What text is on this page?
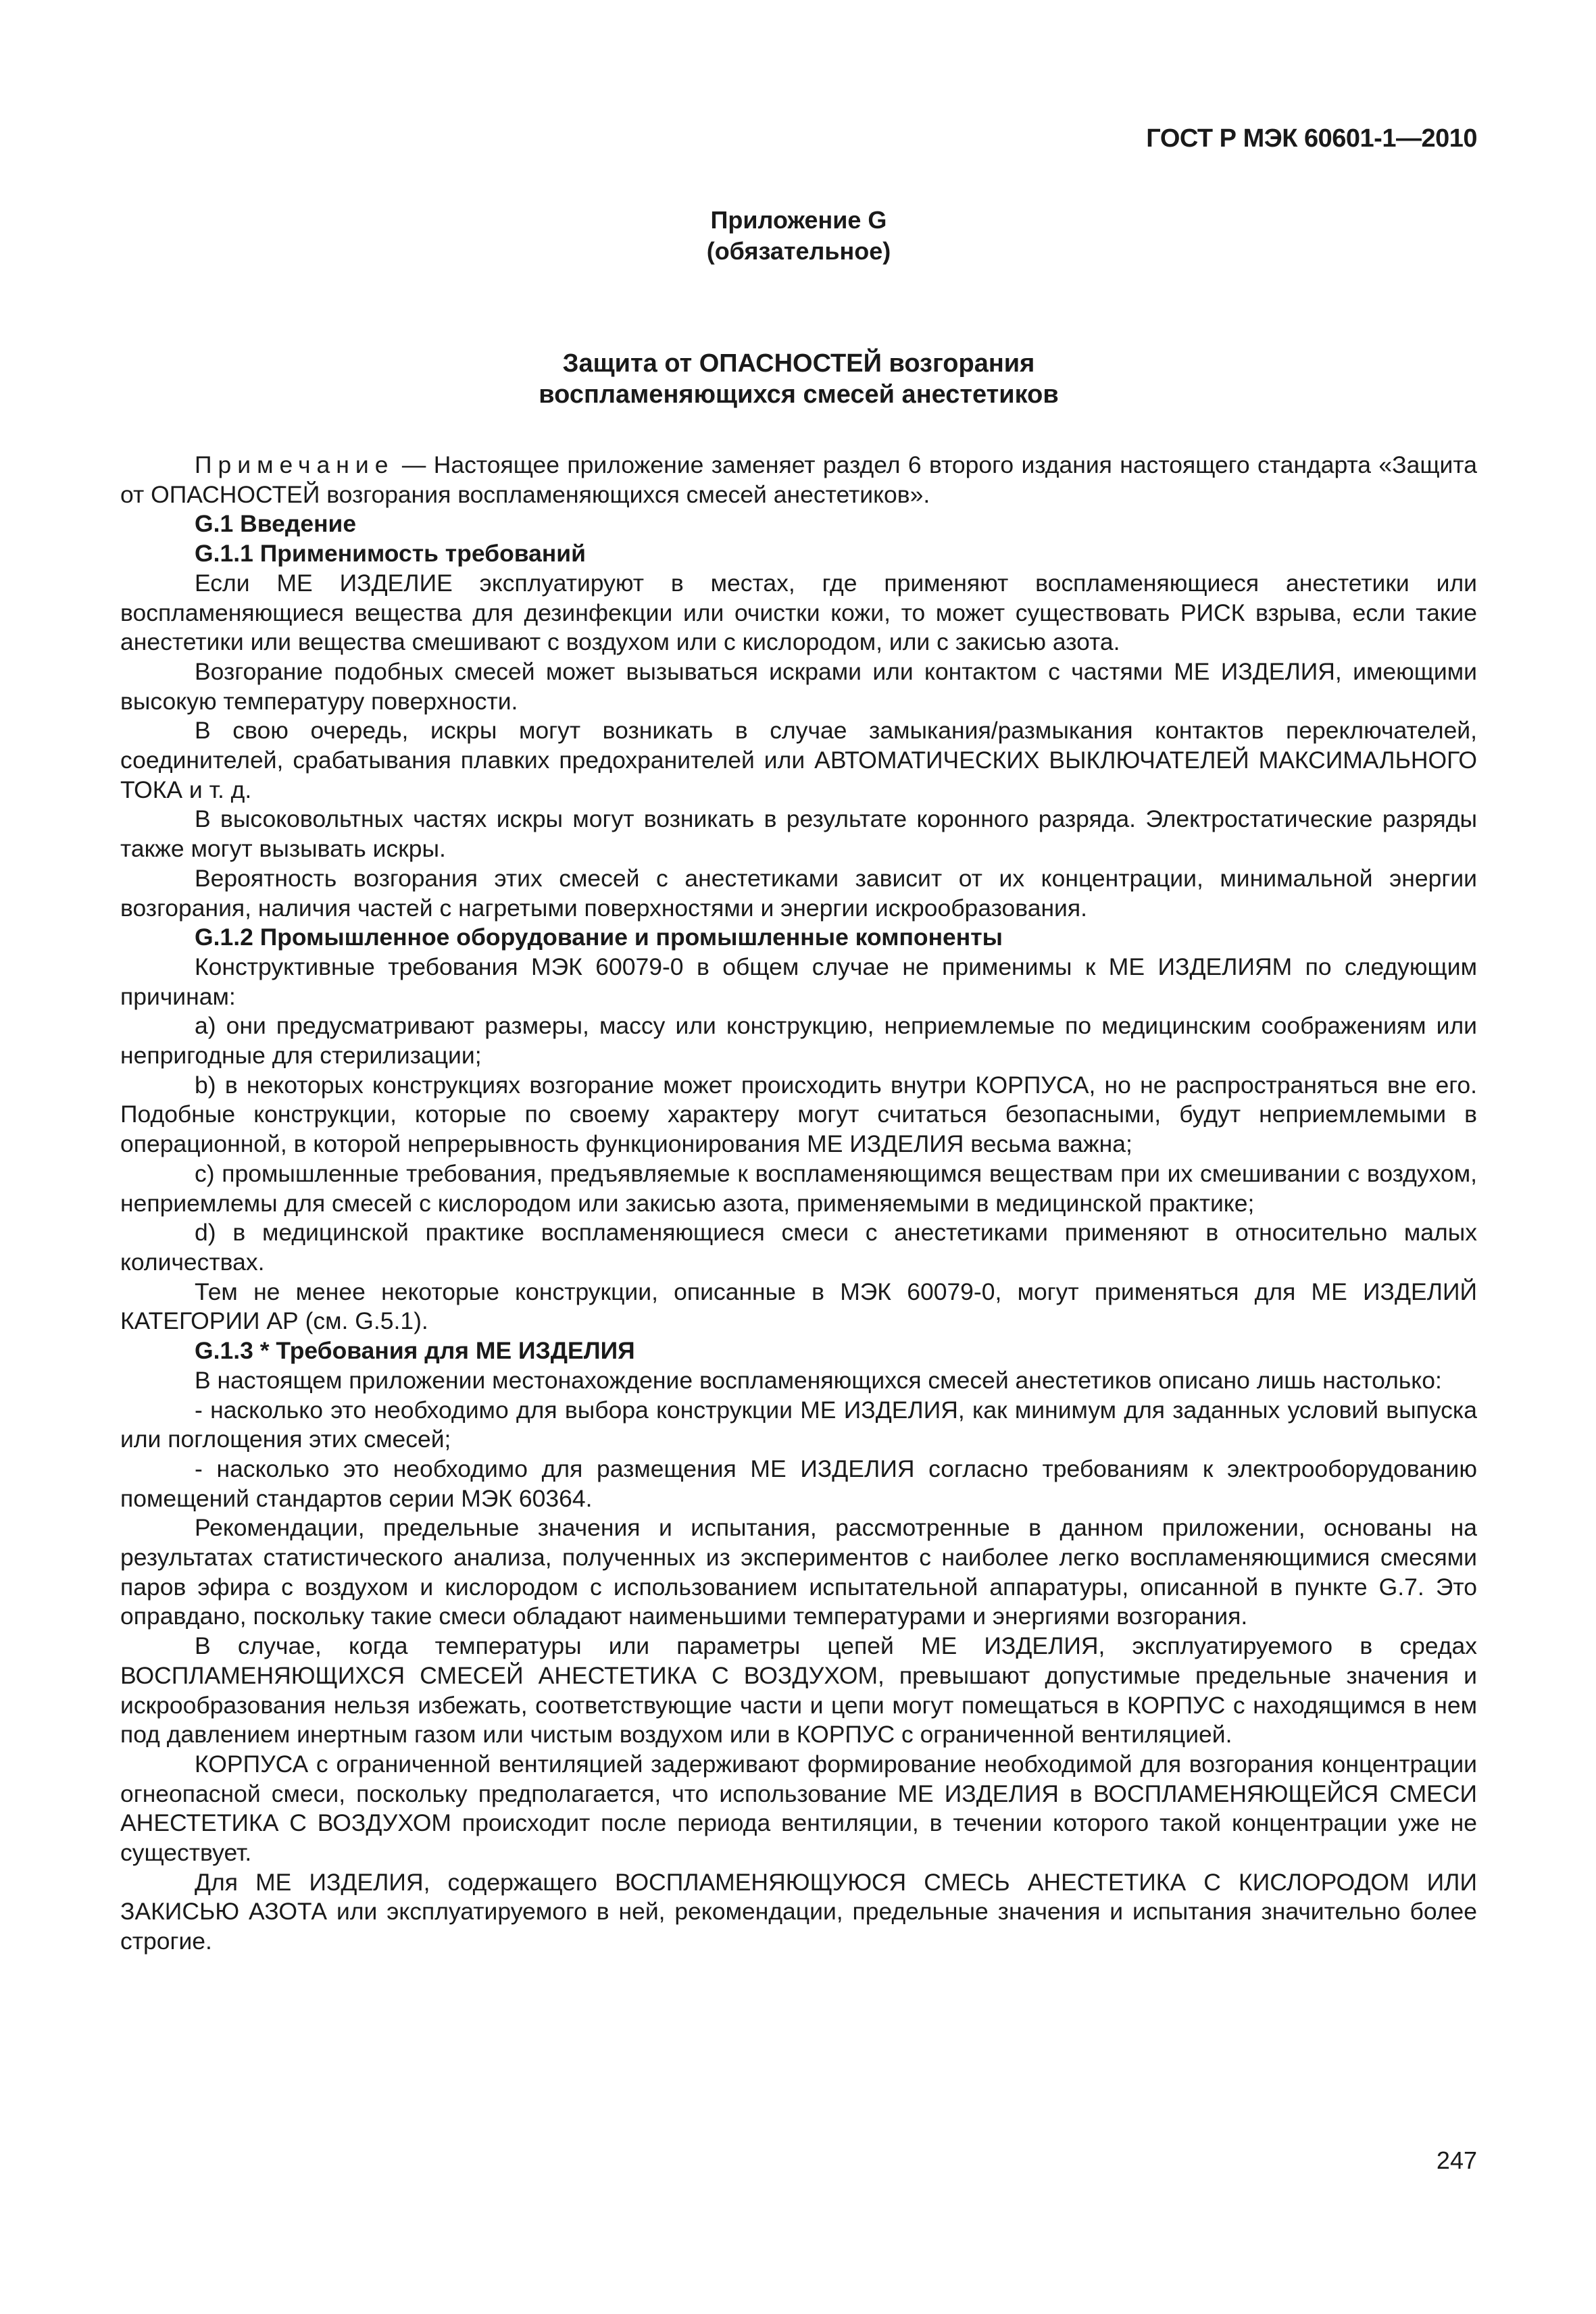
ГОСТ Р МЭК 60601-1—2010
Приложение G
(обязательное)
Защита от ОПАСНОСТЕЙ возгорания
воспламеняющихся смесей анестетиков

Примечание — Настоящее приложение заменяет раздел 6 второго издания настоящего стандарта «Защита от ОПАСНОСТЕЙ возгорания воспламеняющихся смесей анестетиков».

G.1 Введение
G.1.1 Применимость требований

Если МЕ ИЗДЕЛИЕ эксплуатируют в местах, где применяют воспламеняющиеся анестетики или воспламеняющиеся вещества для дезинфекции или очистки кожи, то может существовать РИСК взрыва, если такие анестетики или вещества смешивают с воздухом или с кислородом, или с закисью азота.

Возгорание подобных смесей может вызываться искрами или контактом с частями МЕ ИЗДЕЛИЯ, имеющими высокую температуру поверхности.

В свою очередь, искры могут возникать в случае замыкания/размыкания контактов переключателей, соединителей, срабатывания плавких предохранителей или АВТОМАТИЧЕСКИХ ВЫКЛЮЧАТЕЛЕЙ МАКСИМАЛЬНОГО ТОКА и т. д.

В высоковольтных частях искры могут возникать в результате коронного разряда. Электростатические разряды также могут вызывать искры.

Вероятность возгорания этих смесей с анестетиками зависит от их концентрации, минимальной энергии возгорания, наличия частей с нагретыми поверхностями и энергии искрообразования.

G.1.2 Промышленное оборудование и промышленные компоненты

Конструктивные требования МЭК 60079-0 в общем случае не применимы к МЕ ИЗДЕЛИЯМ по следующим причинам:

а) они предусматривают размеры, массу или конструкцию, неприемлемые по медицинским соображениям или непригодные для стерилизации;

b) в некоторых конструкциях возгорание может происходить внутри КОРПУСА, но не распространяться вне его. Подобные конструкции, которые по своему характеру могут считаться безопасными, будут неприемлемыми в операционной, в которой непрерывность функционирования МЕ ИЗДЕЛИЯ весьма важна;

c) промышленные требования, предъявляемые к воспламеняющимся веществам при их смешивании с воздухом, неприемлемы для смесей с кислородом или закисью азота, применяемыми в медицинской практике;

d) в медицинской практике воспламеняющиеся смеси с анестетиками применяют в относительно малых количествах.

Тем не менее некоторые конструкции, описанные в МЭК 60079-0, могут применяться для МЕ ИЗДЕЛИЙ КАТЕГОРИИ АР (см. G.5.1).

G.1.3 * Требования для МЕ ИЗДЕЛИЯ

В настоящем приложении местонахождение воспламеняющихся смесей анестетиков описано лишь настолько:

- насколько это необходимо для выбора конструкции МЕ ИЗДЕЛИЯ, как минимум для заданных условий выпуска или поглощения этих смесей;

- насколько это необходимо для размещения МЕ ИЗДЕЛИЯ согласно требованиям к электрооборудованию помещений стандартов серии МЭК 60364.

Рекомендации, предельные значения и испытания, рассмотренные в данном приложении, основаны на результатах статистического анализа, полученных из экспериментов с наиболее легко воспламеняющимися смесями паров эфира с воздухом и кислородом с использованием испытательной аппаратуры, описанной в пункте G.7. Это оправдано, поскольку такие смеси обладают наименьшими температурами и энергиями возгорания.

В случае, когда температуры или параметры цепей МЕ ИЗДЕЛИЯ, эксплуатируемого в средах ВОСПЛАМЕНЯЮЩИХСЯ СМЕСЕЙ АНЕСТЕТИКА С ВОЗДУХОМ, превышают допустимые предельные значения и искрообразования нельзя избежать, соответствующие части и цепи могут помещаться в КОРПУС с находящимся в нем под давлением инертным газом или чистым воздухом или в КОРПУС с ограниченной вентиляцией.

КОРПУСА с ограниченной вентиляцией задерживают формирование необходимой для возгорания концентрации огнеопасной смеси, поскольку предполагается, что использование МЕ ИЗДЕЛИЯ в ВОСПЛАМЕНЯЮЩЕЙСЯ СМЕСИ АНЕСТЕТИКА С ВОЗДУХОМ происходит после периода вентиляции, в течении которого такой концентрации уже не существует.

Для МЕ ИЗДЕЛИЯ, содержащего ВОСПЛАМЕНЯЮЩУЮСЯ СМЕСЬ АНЕСТЕТИКА С КИСЛОРОДОМ ИЛИ ЗАКИСЬЮ АЗОТА или эксплуатируемого в ней, рекомендации, предельные значения и испытания значительно более строгие.

247
